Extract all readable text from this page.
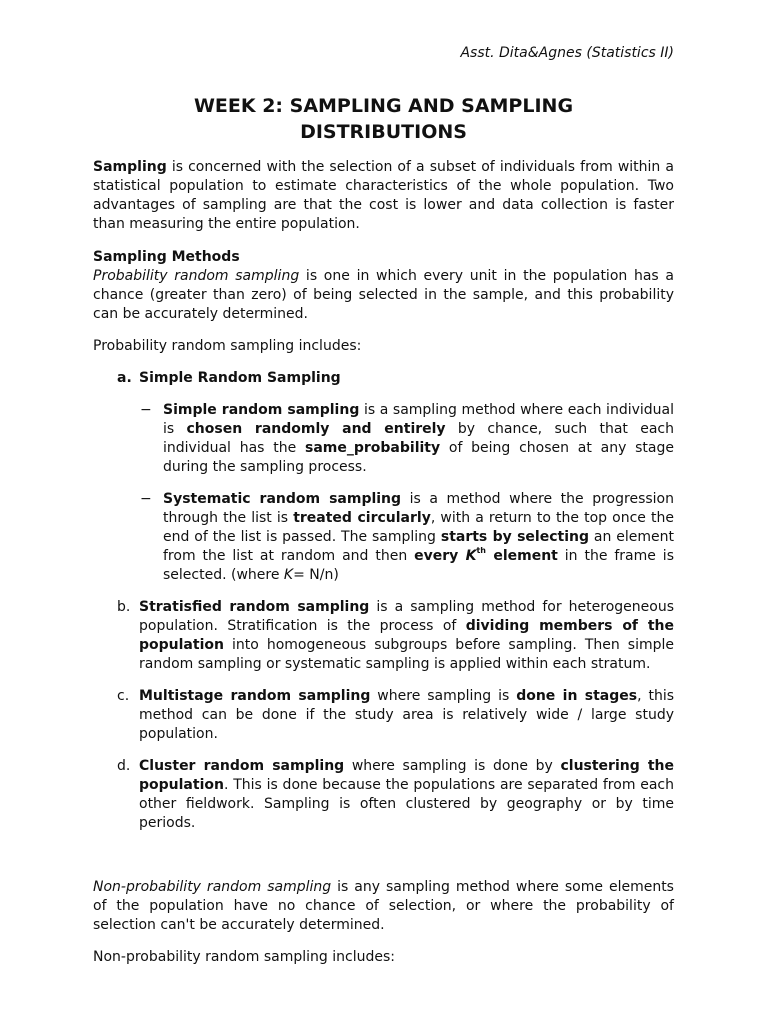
Asst. Dita&Agnes (Statistics II)
WEEK 2: SAMPLING AND SAMPLING
DISTRIBUTIONS

Sampling is concerned with the selection of a subset of individuals from within a statistical population to estimate characteristics of the whole population. Two advantages of sampling are that the cost is lower and data collection is faster than measuring the entire population.

Sampling Methods

Probability random sampling is one in which every unit in the population has a chance (greater than zero) of being selected in the sample, and this probability can be accurately determined.

Probability random sampling includes:

a. Simple Random Sampling
− Simple random sampling is a sampling method where each individual is chosen randomly and entirely by chance, such that each individual has the same_probability of being chosen at any stage during the sampling process.
− Systematic random sampling is a method where the progression through the list is treated circularly, with a return to the top once the end of the list is passed. The sampling starts by selecting an element from the list at random and then every $K^{th}$ element in the frame is selected. (where K= N/n)
b. Stratisfied random sampling is a sampling method for heterogeneous population. Stratification is the process of dividing members of the population into homogeneous subgroups before sampling. Then simple random sampling or systematic sampling is applied within each stratum.
c. Multistage random sampling where sampling is done in stages, this method can be done if the study area is relatively wide / large study population.
d. Cluster random sampling where sampling is done by clustering the population. This is done because the populations are separated from each other fieldwork. Sampling is often clustered by geography or by time periods.

Non-probability random sampling is any sampling method where some elements of the population have no chance of selection, or where the probability of selection can't be accurately determined.

Non-probability random sampling includes:
